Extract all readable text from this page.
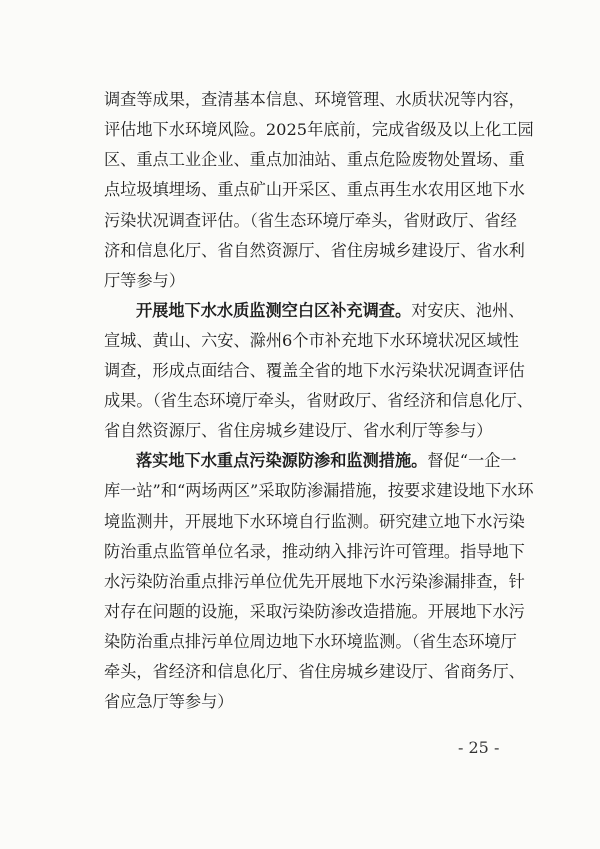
调查等成果，查清基本信息、环境管理、水质状况等内容，
评估地下水环境风险。2025年底前，完成省级及以上化工园
区、重点工业企业、重点加油站、重点危险废物处置场、重
点垃圾填埋场、重点矿山开采区、重点再生水农用区地下水
污染状况调查评估。（省生态环境厅牵头，省财政厅、省经
济和信息化厅、省自然资源厅、省住房城乡建设厅、省水利
厅等参与）
开展地下水水质监测空白区补充调查。对安庆、池州、
宣城、黄山、六安、滁州6个市补充地下水环境状况区域性
调查，形成点面结合、覆盖全省的地下水污染状况调查评估
成果。（省生态环境厅牵头，省财政厅、省经济和信息化厅、
省自然资源厅、省住房城乡建设厅、省水利厅等参与）
落实地下水重点污染源防渗和监测措施。督促“一企一
库一站”和“两场两区”采取防渗漏措施，按要求建设地下水环
境监测井，开展地下水环境自行监测。研究建立地下水污染
防治重点监管单位名录，推动纳入排污许可管理。指导地下
水污染防治重点排污单位优先开展地下水污染渗漏排查，针
对存在问题的设施，采取污染防渗改造措施。开展地下水污
染防治重点排污单位周边地下水环境监测。（省生态环境厅
牵头，省经济和信息化厅、省住房城乡建设厅、省商务厅、
省应急厅等参与）
- 25 -
